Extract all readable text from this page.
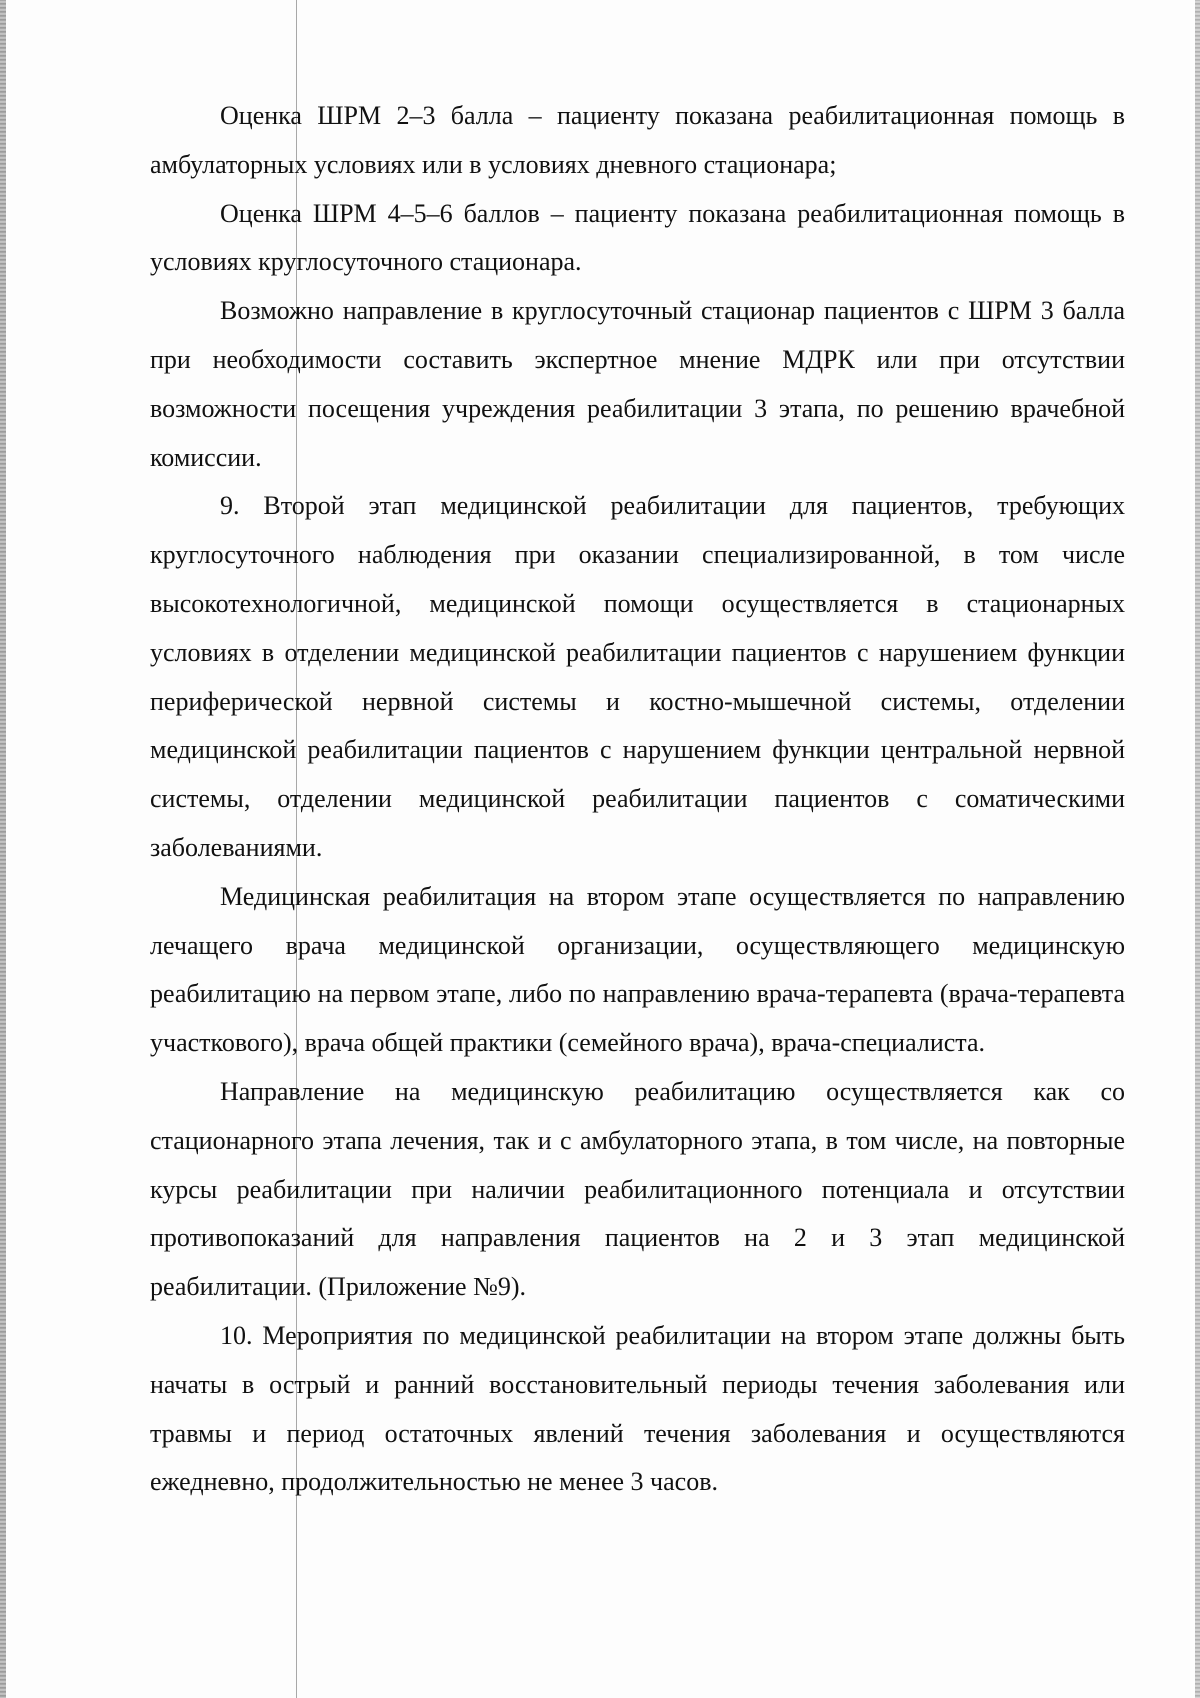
Оценка ШРМ 2–3 балла – пациенту показана реабилитационная помощь в амбулаторных условиях или в условиях дневного стационара;

Оценка ШРМ 4–5–6 баллов – пациенту показана реабилитационная помощь в условиях круглосуточного стационара.

Возможно направление в круглосуточный стационар пациентов с ШРМ 3 балла при необходимости составить экспертное мнение МДРК или при отсутствии возможности посещения учреждения реабилитации 3 этапа, по решению врачебной комиссии.

9. Второй этап медицинской реабилитации для пациентов, требующих круглосуточного наблюдения при оказании специализированной, в том числе высокотехнологичной, медицинской помощи осуществляется в стационарных условиях в отделении медицинской реабилитации пациентов с нарушением функции периферической нервной системы и костно-мышечной системы, отделении медицинской реабилитации пациентов с нарушением функции центральной нервной системы, отделении медицинской реабилитации пациентов с соматическими заболеваниями.

Медицинская реабилитация на втором этапе осуществляется по направлению лечащего врача медицинской организации, осуществляющего медицинскую реабилитацию на первом этапе, либо по направлению врача-терапевта (врача-терапевта участкового), врача общей практики (семейного врача), врача-специалиста.

Направление на медицинскую реабилитацию осуществляется как со стационарного этапа лечения, так и с амбулаторного этапа, в том числе, на повторные курсы реабилитации при наличии реабилитационного потенциала и отсутствии противопоказаний для направления пациентов на 2 и 3 этап медицинской реабилитации. (Приложение №9).

10. Мероприятия по медицинской реабилитации на втором этапе должны быть начаты в острый и ранний восстановительный периоды течения заболевания или травмы и период остаточных явлений течения заболевания и осуществляются ежедневно, продолжительностью не менее 3 часов.
